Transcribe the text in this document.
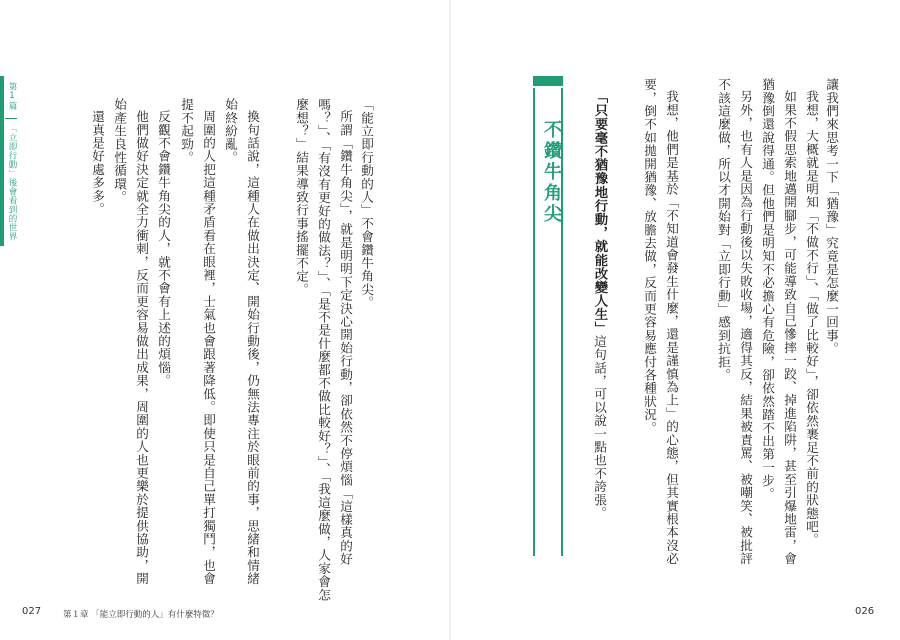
第1篇
「立即行動」後會看到的世界	讓我們來思考一下「猶豫」究竟是怎麼一回事。
我想，大概就是明知「不做不行」、「做了比較好」，卻依然裹足不前的狀態吧。
如果不假思索地邁開腳步，可能導致自己慘摔一跤、掉進陷阱，甚至引爆地雷，會
猶豫倒還說得通。但他們是明知不必擔心有危險，卻依然踏不出第一步。
另外，也有人是因為行動後以失敗收場，適得其反，結果被責罵、被嘲笑、被批評
不該這麼做，所以才開始對「立即行動」感到抗拒。
我想，他們是基於「不知道會發生什麼，還是謹慎為上」的心態，但其實根本沒必
要，倒不如拋開猶豫、放膽去做，反而更容易應付各種狀況。
「只要毫不猶豫地行動，就能改變人生」這句話，可以說一點也不誇張。
不鑽牛角尖
「能立即行動的人」不會鑽牛角尖。
所謂「鑽牛角尖」，就是明明下定決心開始行動，卻依然不停煩惱「這樣真的好
嗎？」、「有沒有更好的做法？」、「是不是什麼都不做比較好？」、「我這麼做，人家會怎
麼想？」結果導致行事搖擺不定。
換句話說，這種人在做出決定、開始行動後，仍無法專注於眼前的事，思緒和情緒
始終紛亂。
周圍的人把這種矛盾看在眼裡，士氣也會跟著降低。即使只是自己單打獨鬥，也會
提不起勁。
反觀不會鑽牛角尖的人，就不會有上述的煩惱。
他們做好決定就全力衝刺，反而更容易做出成果，周圍的人也更樂於提供協助，開
始產生良性循環。
還真是好處多多。
027	第１章 「能立即行動的人」有什麼特徵？	026
